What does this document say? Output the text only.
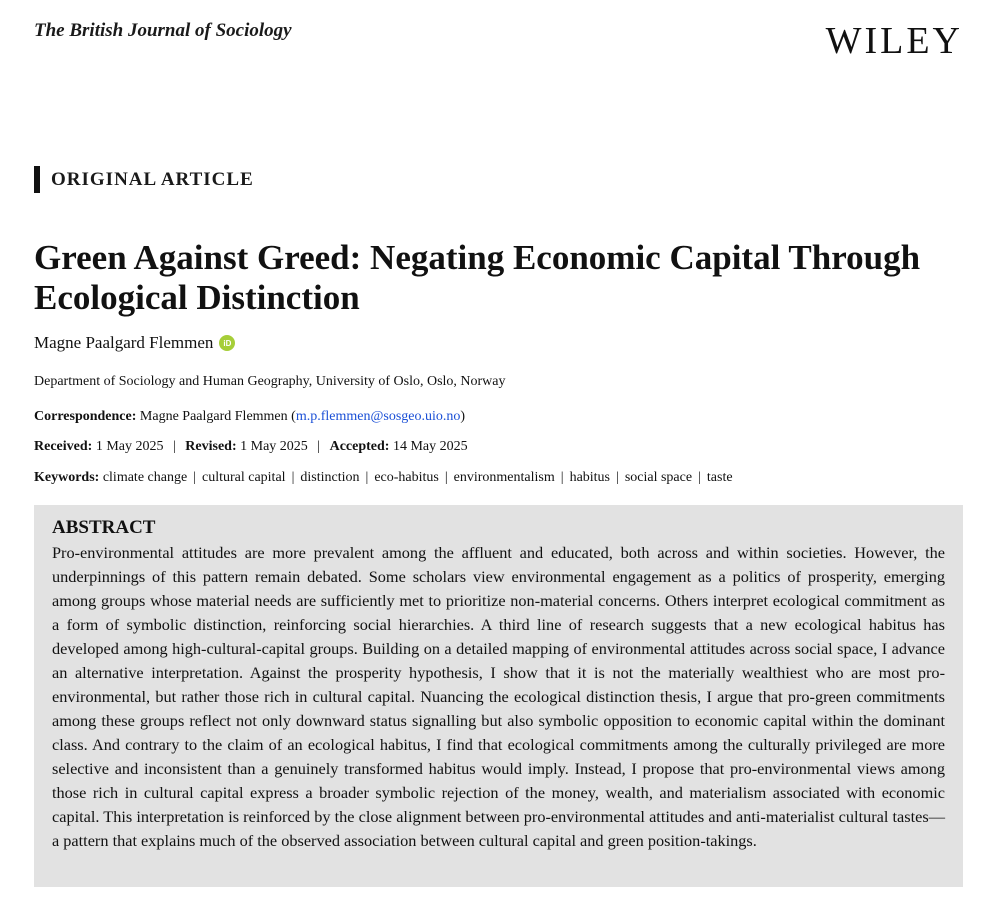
The British Journal of Sociology	WILEY
ORIGINAL ARTICLE
Green Against Greed: Negating Economic Capital Through Ecological Distinction
Magne Paalgard Flemmen	iD
Department of Sociology and Human Geography, University of Oslo, Oslo, Norway
Correspondence: Magne Paalgard Flemmen (m.p.flemmen@sosgeo.uio.no)
Received: 1 May 2025 | Revised: 1 May 2025 | Accepted: 14 May 2025
Keywords: climate change | cultural capital | distinction | eco-habitus | environmentalism | habitus | social space | taste
ABSTRACT

Pro-environmental attitudes are more prevalent among the affluent and educated, both across and within societies. However, the underpinnings of this pattern remain debated. Some scholars view environmental engagement as a politics of prosperity, emerging among groups whose material needs are sufficiently met to prioritize non-material concerns. Others interpret ecological commitment as a form of symbolic distinction, reinforcing social hierarchies. A third line of research suggests that a new ecological habitus has developed among high-cultural-capital groups. Building on a detailed mapping of environmental attitudes across social space, I advance an alternative interpretation. Against the prosperity hypothesis, I show that it is not the materially wealthiest who are most pro-environmental, but rather those rich in cultural capital. Nuancing the ecological distinction thesis, I argue that pro-green commitments among these groups reflect not only downward status signalling but also symbolic opposition to economic capital within the dominant class. And contrary to the claim of an ecological habitus, I find that ecological commitments among the culturally privileged are more selective and inconsistent than a genuinely transformed habitus would imply. Instead, I propose that pro-environmental views among those rich in cultural capital express a broader symbolic rejection of the money, wealth, and materialism associated with economic capital. This interpretation is reinforced by the close alignment between pro-environmental attitudes and anti-materialist cultural tastes—a pattern that explains much of the observed association between cultural capital and green position-takings.
